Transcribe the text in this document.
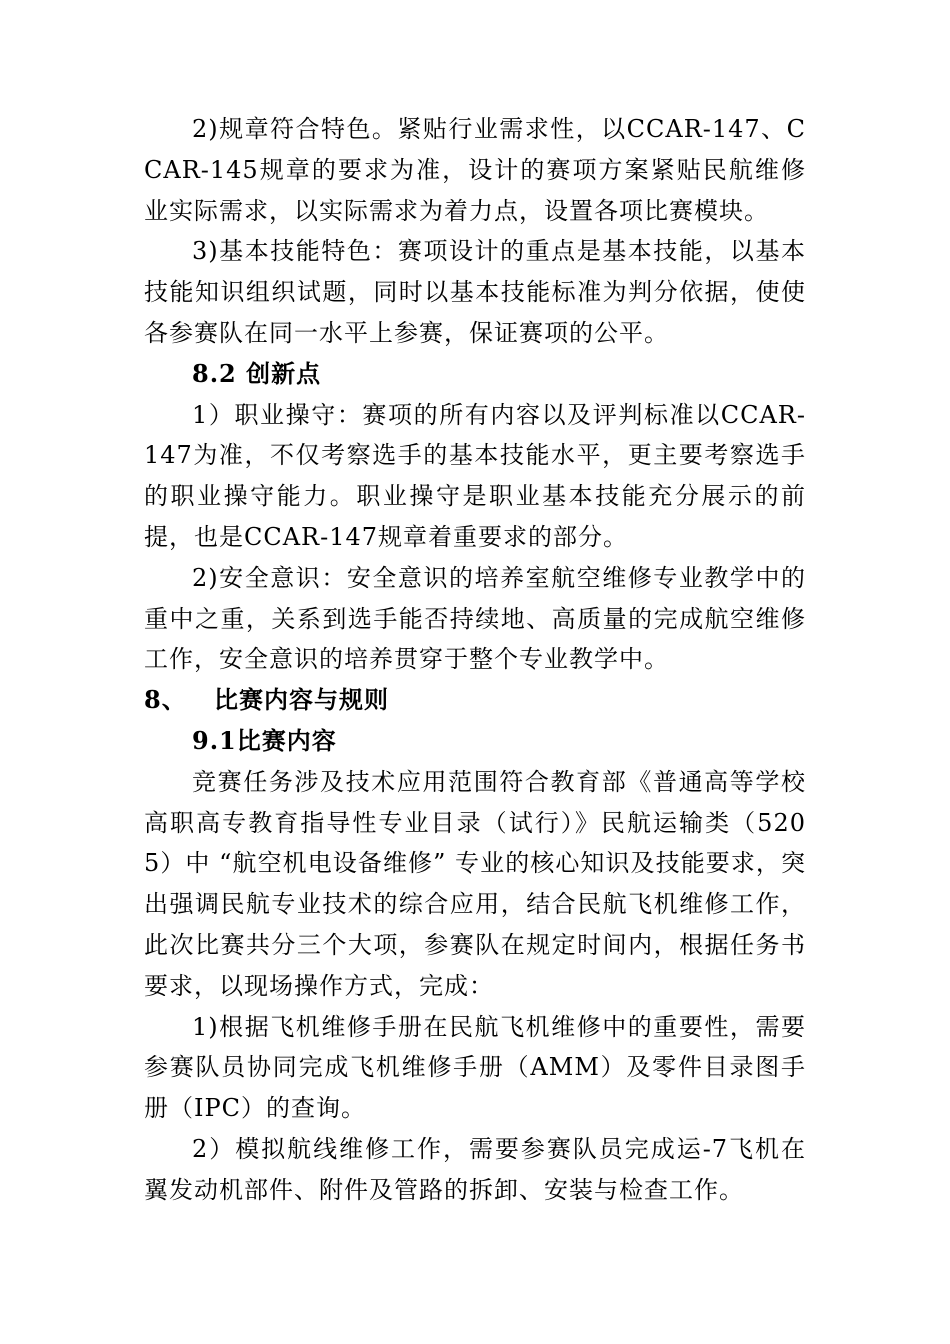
2)规章符合特色。紧贴行业需求性，以CCAR-147、CCAR-145规章的要求为准，设计的赛项方案紧贴民航维修业实际需求，以实际需求为着力点，设置各项比赛模块。

3)基本技能特色：赛项设计的重点是基本技能，以基本技能知识组织试题，同时以基本技能标准为判分依据，使使各参赛队在同一水平上参赛，保证赛项的公平。

8.2 创新点

1）职业操守：赛项的所有内容以及评判标准以CCAR-147为准，不仅考察选手的基本技能水平，更主要考察选手的职业操守能力。职业操守是职业基本技能充分展示的前提，也是CCAR-147规章着重要求的部分。

2)安全意识：安全意识的培养室航空维修专业教学中的重中之重，关系到选手能否持续地、高质量的完成航空维修工作，安全意识的培养贯穿于整个专业教学中。

8、 比赛内容与规则

9.1比赛内容

竞赛任务涉及技术应用范围符合教育部《普通高等学校高职高专教育指导性专业目录（试行）》民航运输类（5205）中 “航空机电设备维修” 专业的核心知识及技能要求，突出强调民航专业技术的综合应用，结合民航飞机维修工作，此次比赛共分三个大项，参赛队在规定时间内，根据任务书要求，以现场操作方式，完成：

1)根据飞机维修手册在民航飞机维修中的重要性，需要参赛队员协同完成飞机维修手册（AMM）及零件目录图手册（IPC）的查询。

2）模拟航线维修工作，需要参赛队员完成运-7飞机在翼发动机部件、附件及管路的拆卸、安装与检查工作。
